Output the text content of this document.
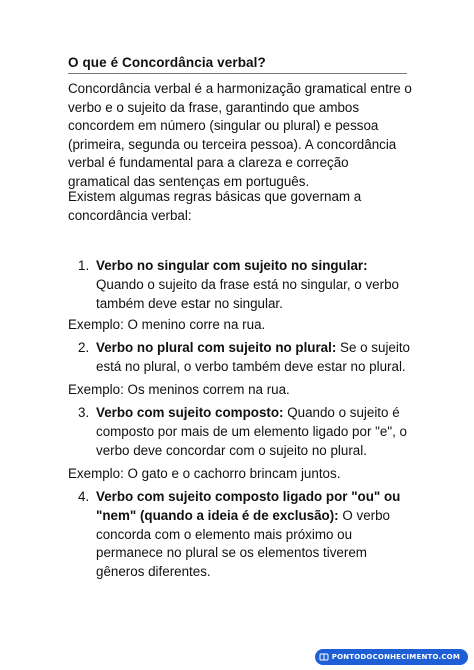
O que é Concordância verbal?
Concordância verbal é a harmonização gramatical entre o verbo e o sujeito da frase, garantindo que ambos concordem em número (singular ou plural) e pessoa (primeira, segunda ou terceira pessoa). A concordância verbal é fundamental para a clareza e correção gramatical das sentenças em português.
Existem algumas regras básicas que governam a concordância verbal:
1. Verbo no singular com sujeito no singular: Quando o sujeito da frase está no singular, o verbo também deve estar no singular.
Exemplo: O menino corre na rua.
2. Verbo no plural com sujeito no plural: Se o sujeito está no plural, o verbo também deve estar no plural.
Exemplo: Os meninos correm na rua.
3. Verbo com sujeito composto: Quando o sujeito é composto por mais de um elemento ligado por "e", o verbo deve concordar com o sujeito no plural.
Exemplo: O gato e o cachorro brincam juntos.
4. Verbo com sujeito composto ligado por "ou" ou "nem" (quando a ideia é de exclusão): O verbo concorda com o elemento mais próximo ou permanece no plural se os elementos tiverem gêneros diferentes.
PONTODOCONHECIMENTO.COM
